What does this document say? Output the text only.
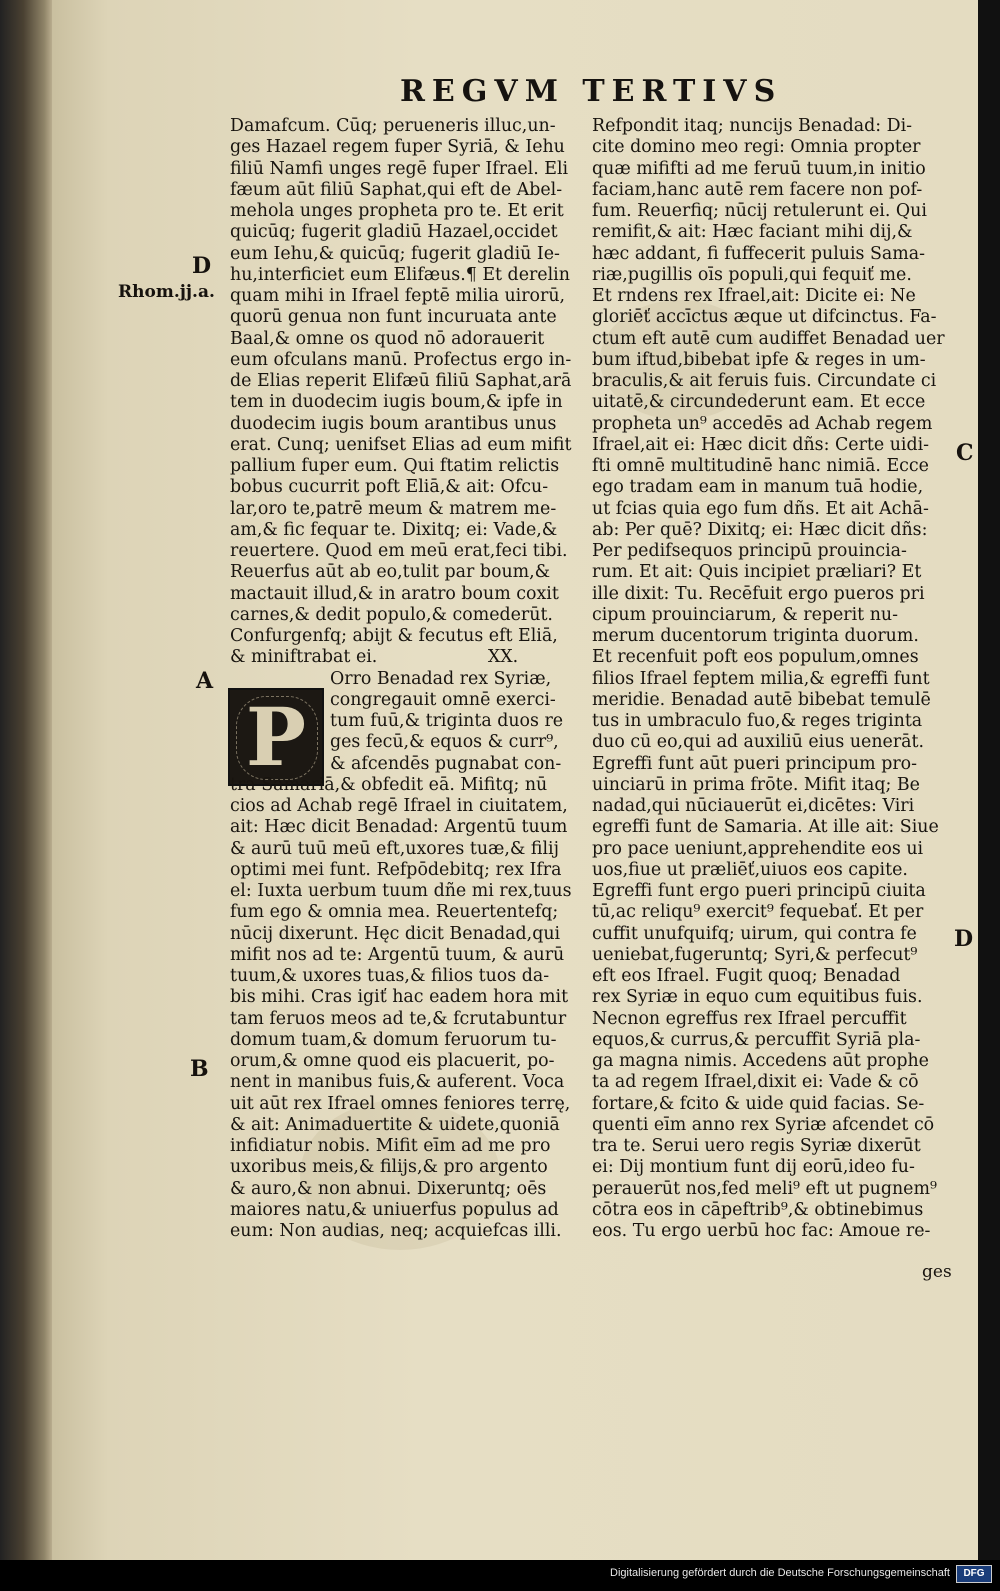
REGVM TERTIVS
D
Rhom.jj.a.
A
B
C
D
P
Damafcum. Cūq; perueneris illuc,un-
ges Hazael regem fuper Syriā, & Iehu
filiū Namfi unges regē fuper Ifrael. Eli
fæum aūt filiū Saphat,qui eft de Abel-
mehola unges propheta pro te. Et erit
quicūq; fugerit gladiū Hazael,occidet
eum Iehu,& quicūq; fugerit gladiū Ie-
hu,interficiet eum Elifæus.¶ Et derelin
quam mihi in Ifrael feptē milia uirorū,
quorū genua non funt incuruata ante
Baal,& omne os quod nō adorauerit
eum ofculans manū. Profectus ergo in-
de Elias reperit Elifæū filiū Saphat,arā
tem in duodecim iugis boum,& ipfe in
duodecim iugis boum arantibus unus
erat. Cunq; uenifset Elias ad eum mifit
pallium fuper eum. Qui ftatim relictis
bobus cucurrit poft Eliā,& ait: Ofcu-
lar,oro te,patrē meum & matrem me-
am,& fic fequar te. Dixitq; ei: Vade,&
reuertere. Quod em meū erat,feci tibi.
Reuerfus aūt ab eo,tulit par boum,&
mactauit illud,& in aratro boum coxit
carnes,& dedit populo,& comederūt.
Confurgenfq; abijt & fecutus eft Eliā,
& miniftrabat ei.                    XX.
Orro Benadad rex Syriæ,
congregauit omnē exerci-
tum fuū,& triginta duos re
ges fecū,& equos & curr⁹,
& afcendēs pugnabat con-
tra Samariā,& obfedit eā. Mifitq; nū
cios ad Achab regē Ifrael in ciuitatem,
ait: Hæc dicit Benadad: Argentū tuum
& aurū tuū meū eft,uxores tuæ,& filij
optimi mei funt. Refpōdebitq; rex Ifra
el: Iuxta uerbum tuum dñe mi rex,tuus
fum ego & omnia mea. Reuertentefq;
nūcij dixerunt. Hęc dicit Benadad,qui
mifit nos ad te: Argentū tuum, & aurū
tuum,& uxores tuas,& filios tuos da-
bis mihi. Cras igiť hac eadem hora mit
tam feruos meos ad te,& fcrutabuntur
domum tuam,& domum feruorum tu-
orum,& omne quod eis placuerit, po-
nent in manibus fuis,& auferent. Voca
uit aūt rex Ifrael omnes feniores terrę,
& ait: Animaduertite & uidete,quoniā
infidiatur nobis. Mifit eīm ad me pro
uxoribus meis,& filijs,& pro argento
& auro,& non abnui. Dixeruntq; oēs
maiores natu,& uniuerfus populus ad
eum: Non audias, neq; acquiefcas illi.
Refpondit itaq; nuncijs Benadad: Di-
cite domino meo regi: Omnia propter
quæ mififti ad me feruū tuum,in initio
faciam,hanc autē rem facere non pof-
fum. Reuerfiq; nūcij retulerunt ei. Qui
remifit,& ait: Hæc faciant mihi dij,&
hæc addant, fi fuffecerit puluis Sama-
riæ,pugillis oīs populi,qui fequiť me.
Et rndens rex Ifrael,ait: Dicite ei: Ne
gloriēť accīctus æque ut difcinctus. Fa-
ctum eft autē cum audiffet Benadad uer
bum iftud,bibebat ipfe & reges in um-
braculis,& ait feruis fuis. Circundate ci
uitatē,& circundederunt eam. Et ecce
propheta un⁹ accedēs ad Achab regem
Ifrael,ait ei: Hæc dicit dñs: Certe uidi-
fti omnē multitudinē hanc nimiā. Ecce
ego tradam eam in manum tuā hodie,
ut fcias quia ego fum dñs. Et ait Achā-
ab: Per quē? Dixitq; ei: Hæc dicit dñs:
Per pedifsequos principū prouincia-
rum. Et ait: Quis incipiet præliari? Et
ille dixit: Tu. Recēfuit ergo pueros pri
cipum prouinciarum, & reperit nu-
merum ducentorum triginta duorum.
Et recenfuit poft eos populum,omnes
filios Ifrael feptem milia,& egreffi funt
meridie. Benadad autē bibebat temulē
tus in umbraculo fuo,& reges triginta
duo cū eo,qui ad auxiliū eius uenerāt.
Egreffi funt aūt pueri principum pro-
uinciarū in prima frōte. Mifit itaq; Be
nadad,qui nūciauerūt ei,dicētes: Viri
egreffi funt de Samaria. At ille ait: Siue
pro pace ueniunt,apprehendite eos ui
uos,fiue ut præliēť,uiuos eos capite.
Egreffi funt ergo pueri principū ciuita
tū,ac reliqu⁹ exercit⁹ fequebať. Et per
cuffit unufquifq; uirum, qui contra fe
ueniebat,fugeruntq; Syri,& perfecut⁹
eft eos Ifrael. Fugit quoq; Benadad
rex Syriæ in equo cum equitibus fuis.
Necnon egreffus rex Ifrael percuffit
equos,& currus,& percuffit Syriā pla-
ga magna nimis. Accedens aūt prophe
ta ad regem Ifrael,dixit ei: Vade & cō
fortare,& fcito & uide quid facias. Se-
quenti eīm anno rex Syriæ afcendet cō
tra te. Serui uero regis Syriæ dixerūt
ei: Dij montium funt dij eorū,ideo fu-
perauerūt nos,fed meli⁹ eft ut pugnem⁹
cōtra eos in cāpeftrib⁹,& obtinebimus
eos. Tu ergo uerbū hoc fac: Amoue re-
ges
Digitalisierung gefördert durch die Deutsche Forschungsgemeinschaft	DFG
